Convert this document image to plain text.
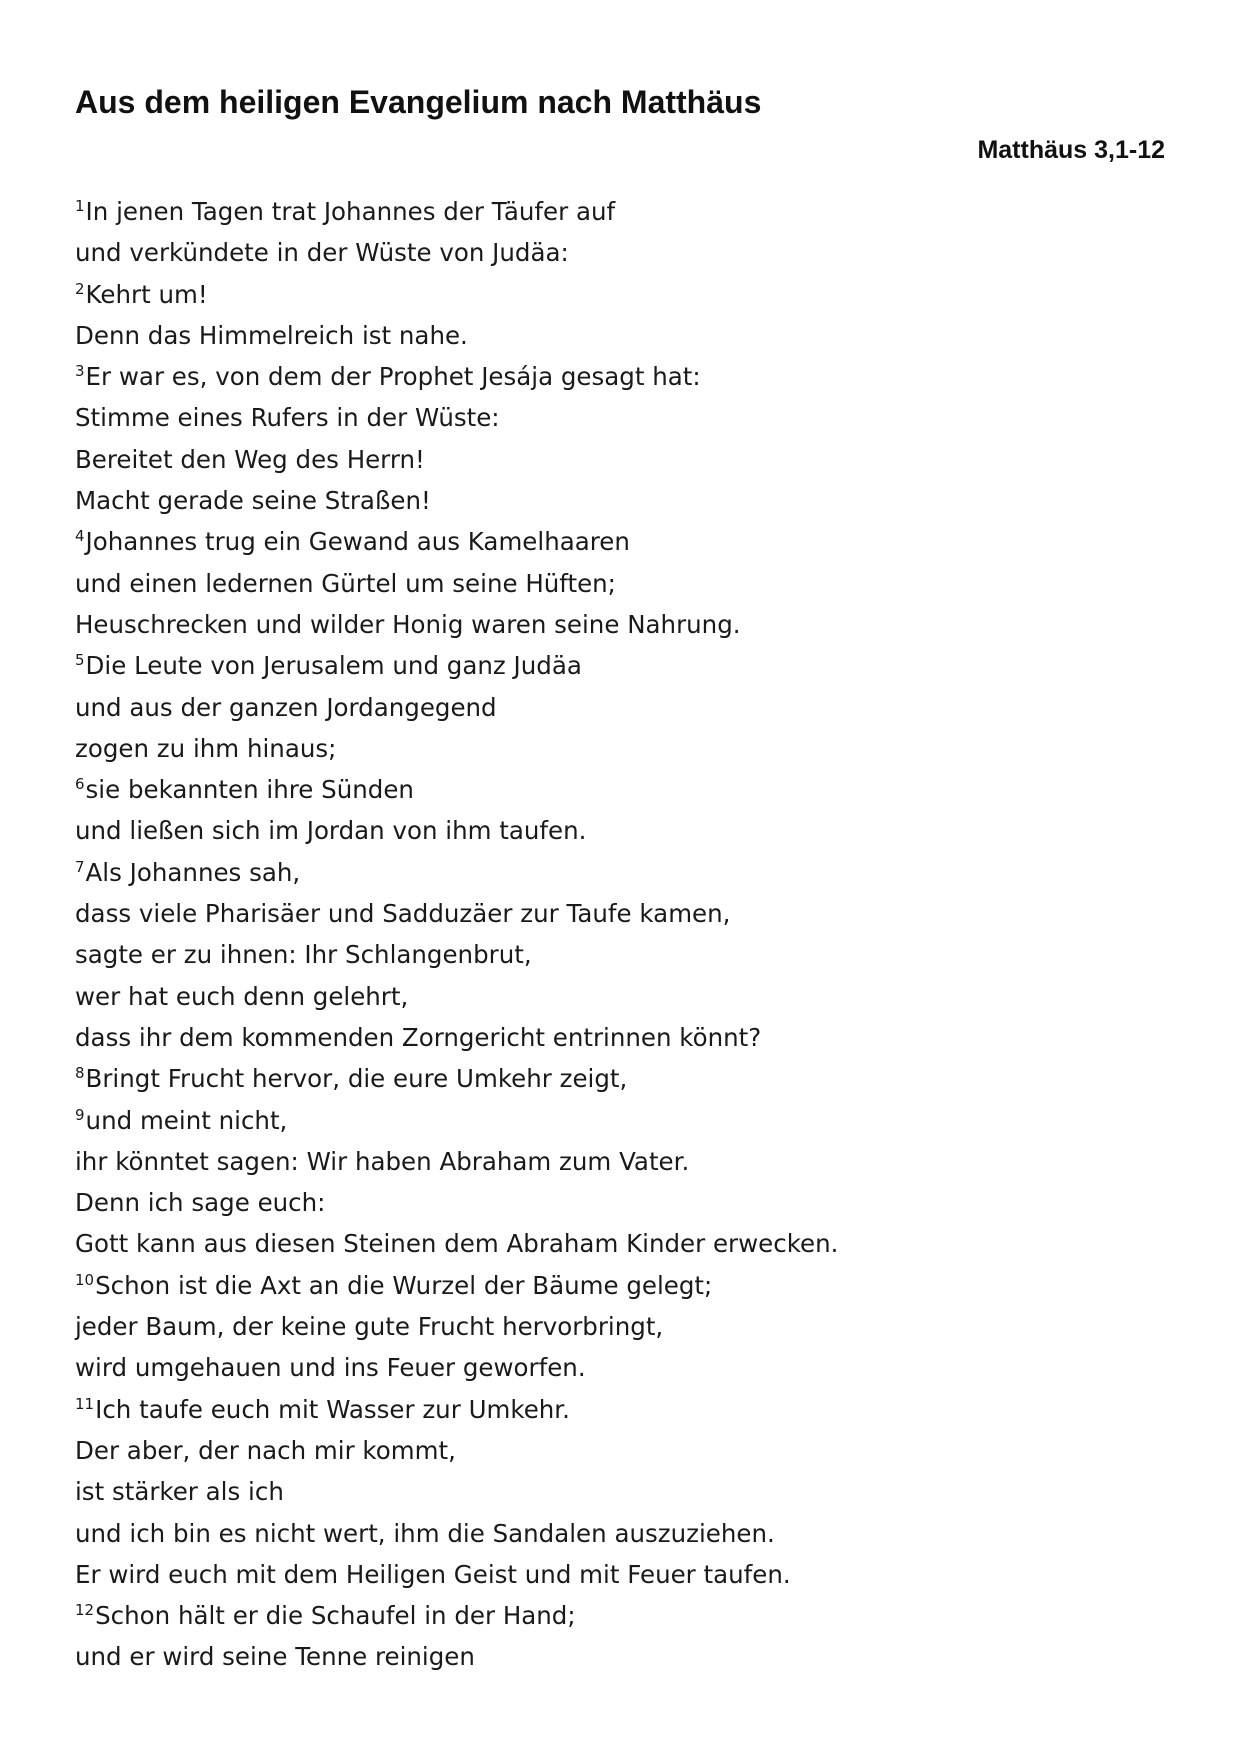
Aus dem heiligen Evangelium nach Matthäus
Matthäus 3,1-12
$^1$In jenen Tagen trat Johannes der Täufer auf
und verkündete in der Wüste von Judäa:
$^2$Kehrt um!
Denn das Himmelreich ist nahe.
$^3$Er war es, von dem der Prophet Jesája gesagt hat:
Stimme eines Rufers in der Wüste:
Bereitet den Weg des Herrn!
Macht gerade seine Straßen!
$^4$Johannes trug ein Gewand aus Kamelhaaren
und einen ledernen Gürtel um seine Hüften;
Heuschrecken und wilder Honig waren seine Nahrung.
$^5$Die Leute von Jerusalem und ganz Judäa
und aus der ganzen Jordangegend
zogen zu ihm hinaus;
$^6$sie bekannten ihre Sünden
und ließen sich im Jordan von ihm taufen.
$^7$Als Johannes sah,
dass viele Pharisäer und Sadduzäer zur Taufe kamen,
sagte er zu ihnen: Ihr Schlangenbrut,
wer hat euch denn gelehrt,
dass ihr dem kommenden Zorngericht entrinnen könnt?
$^8$Bringt Frucht hervor, die eure Umkehr zeigt,
$^9$und meint nicht,
ihr könntet sagen: Wir haben Abraham zum Vater.
Denn ich sage euch:
Gott kann aus diesen Steinen dem Abraham Kinder erwecken.
$^{10}$Schon ist die Axt an die Wurzel der Bäume gelegt;
jeder Baum, der keine gute Frucht hervorbringt,
wird umgehauen und ins Feuer geworfen.
$^{11}$Ich taufe euch mit Wasser zur Umkehr.
Der aber, der nach mir kommt,
ist stärker als ich
und ich bin es nicht wert, ihm die Sandalen auszuziehen.
Er wird euch mit dem Heiligen Geist und mit Feuer taufen.
$^{12}$Schon hält er die Schaufel in der Hand;
und er wird seine Tenne reinigen
